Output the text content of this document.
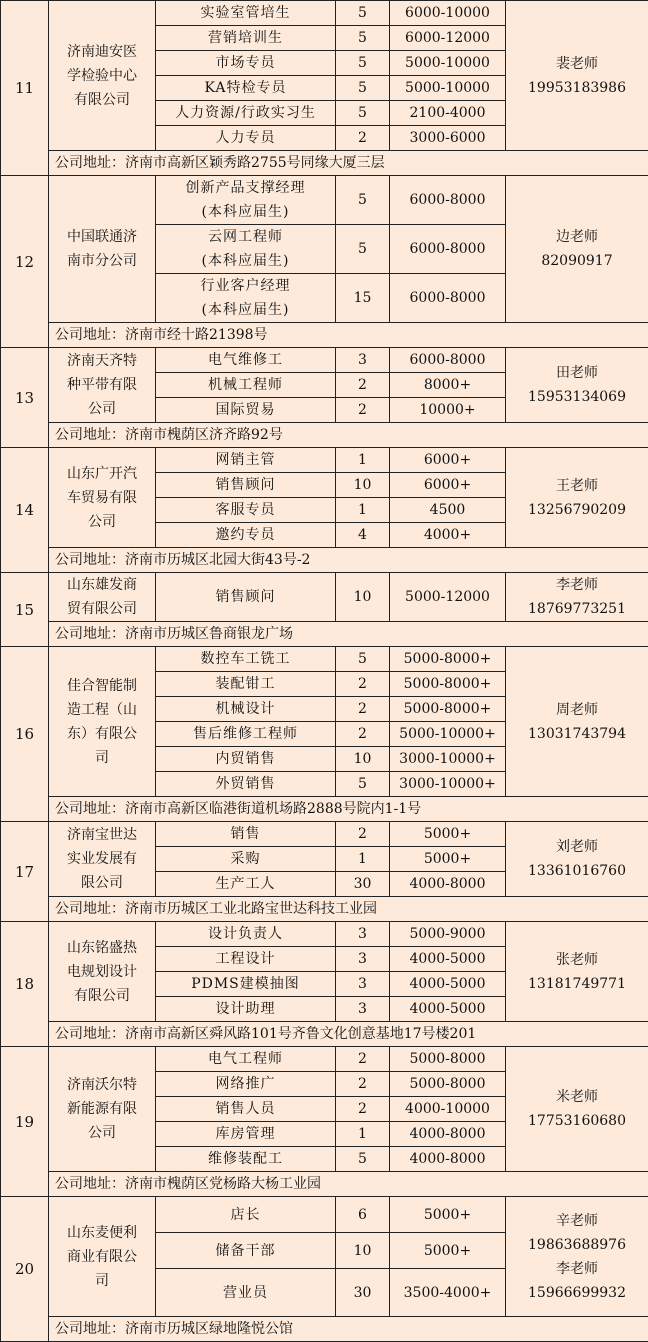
11	济南迪安医
学检验中心
有限公司	实验室管培生	5	6000-10000	裴老师
19953183986

		营销培训生	5	6000-12000	
		市场专员	5	5000-10000	
		KA特检专员	5	5000-10000	
		人力资源/行政实习生	5	2100-4000	
		人力专员	2	3000-6000	
	公司地址：济南市高新区颖秀路2755号同缘大厦三层				
12	中国联通济
南市分公司	创新产品支撑经理
(本科应届生)	5	6000-8000	边老师
82090917

		云网工程师
(本科应届生)	5	6000-8000	

		行业客户经理
(本科应届生)	15	6000-8000	
	公司地址：济南市经十路21398号				
13	济南天齐特
种平带有限
公司	电气维修工	3	6000-8000	田老师
15953134069

		机械工程师	2	8000+	
		国际贸易	2	10000+	
	公司地址：济南市槐荫区济齐路92号				
14	山东广开汽
车贸易有限
公司	网销主管	1	6000+	王老师
13256790209

		销售顾问	10	6000+	
		客服专员	1	4500	
		邀约专员	4	4000+	
	公司地址：济南市历城区北园大街43号-2				
15	山东雄发商
贸有限公司	销售顾问	10	5000-12000	李老师
18769773251

	公司地址：济南市历城区鲁商银龙广场				
16	佳合智能制
造工程（山
东）有限公
司	数控车工铣工	5	5000-8000+	周老师
13031743794

		装配钳工	2	5000-8000+	
		机械设计	2	5000-8000+	
		售后维修工程师	2	5000-10000+	
		内贸销售	10	3000-10000+	
		外贸销售	5	3000-10000+	
	公司地址：济南市高新区临港街道机场路2888号院内1-1号				
17	济南宝世达
实业发展有
限公司	销售	2	5000+	刘老师
13361016760

		采购	1	5000+	
		生产工人	30	4000-8000	
	公司地址：济南市历城区工业北路宝世达科技工业园				
18	山东铭盛热
电规划设计
有限公司	设计负责人	3	5000-9000	张老师
13181749771

		工程设计	3	4000-5000	
		PDMS建模抽图	3	4000-5000	
		设计助理	3	4000-5000	
	公司地址：济南市高新区舜风路101号齐鲁文化创意基地17号楼201				
19	济南沃尔特
新能源有限
公司	电气工程师	2	5000-8000	米老师
17753160680

		网络推广	2	5000-8000	
		销售人员	2	4000-10000	
		库房管理	1	4000-8000	
		维修装配工	5	4000-8000	
	公司地址：济南市槐荫区党杨路大杨工业园				
20	山东麦便利
商业有限公
司	店长	6	5000+	辛老师
19863688976
李老师
15966699932

		储备干部	10	5000+	
		营业员	30	3500-4000+	
	公司地址：济南市历城区绿地隆悦公馆				
